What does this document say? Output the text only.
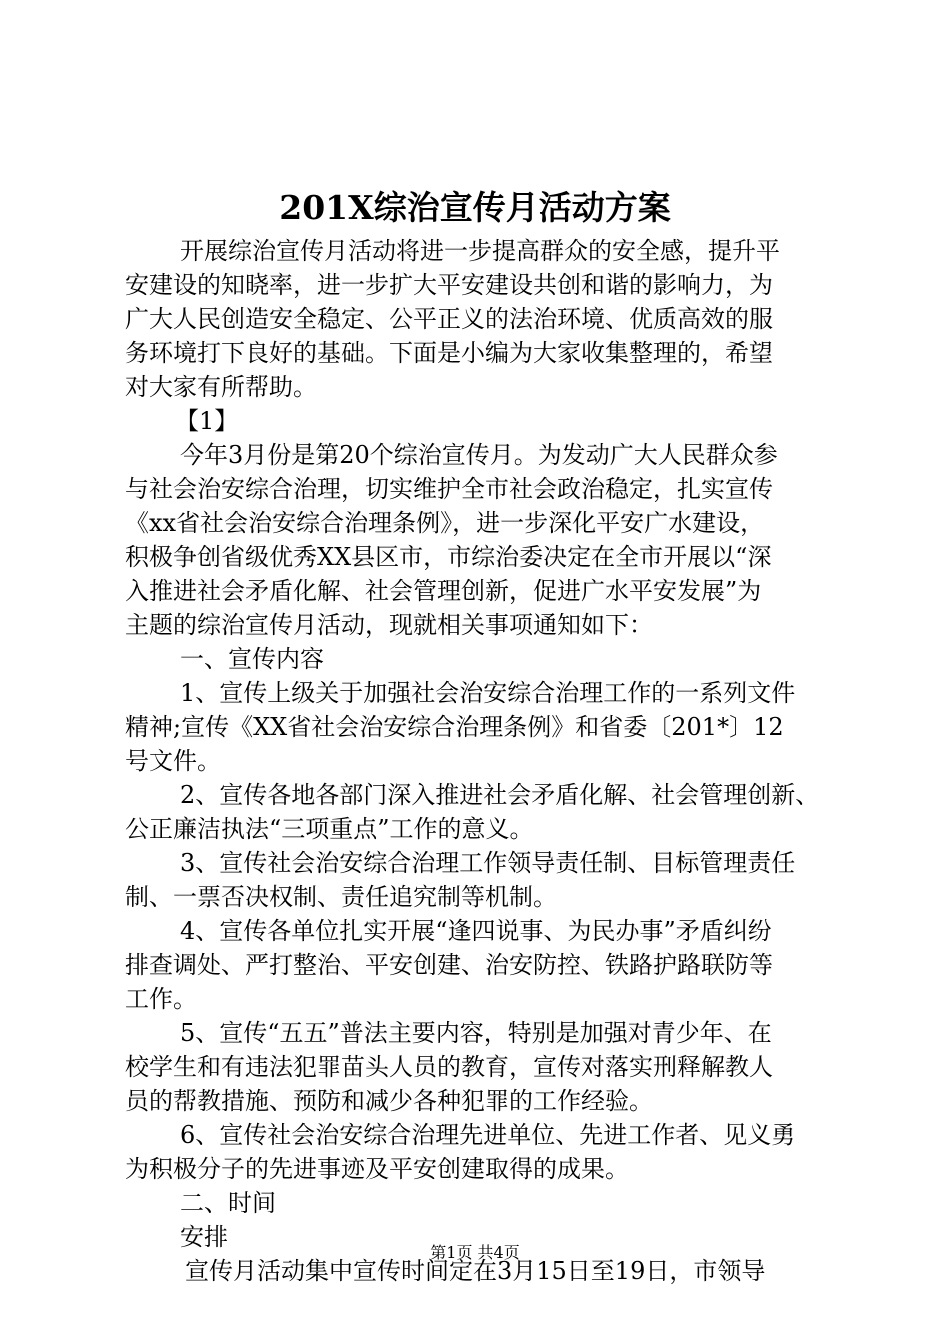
201X综治宣传月活动方案
开展综治宣传月活动将进一步提高群众的安全感，提升平
安建设的知晓率，进一步扩大平安建设共创和谐的影响力，为
广大人民创造安全稳定、公平正义的法治环境、优质高效的服
务环境打下良好的基础。下面是小编为大家收集整理的，希望
对大家有所帮助。
【1】
今年3月份是第20个综治宣传月。为发动广大人民群众参
与社会治安综合治理，切实维护全市社会政治稳定，扎实宣传
《xx省社会治安综合治理条例》，进一步深化平安广水建设，
积极争创省级优秀XX县区市，市综治委决定在全市开展以“深
入推进社会矛盾化解、社会管理创新，促进广水平安发展”为
主题的综治宣传月活动，现就相关事项通知如下：
一、宣传内容
1、宣传上级关于加强社会治安综合治理工作的一系列文件
精神;宣传《XX省社会治安综合治理条例》和省委〔201*〕12
号文件。
2、宣传各地各部门深入推进社会矛盾化解、社会管理创新、
公正廉洁执法“三项重点”工作的意义。
3、宣传社会治安综合治理工作领导责任制、目标管理责任
制、一票否决权制、责任追究制等机制。
4、宣传各单位扎实开展“逢四说事、为民办事”矛盾纠纷
排查调处、严打整治、平安创建、治安防控、铁路护路联防等
工作。
5、宣传“五五”普法主要内容，特别是加强对青少年、在
校学生和有违法犯罪苗头人员的教育，宣传对落实刑释解教人
员的帮教措施、预防和减少各种犯罪的工作经验。
6、宣传社会治安综合治理先进单位、先进工作者、见义勇
为积极分子的先进事迹及平安创建取得的成果。
二、时间
安排
宣传月活动集中宣传时间定在3月15日至19日，市领导
第1页 共4页
